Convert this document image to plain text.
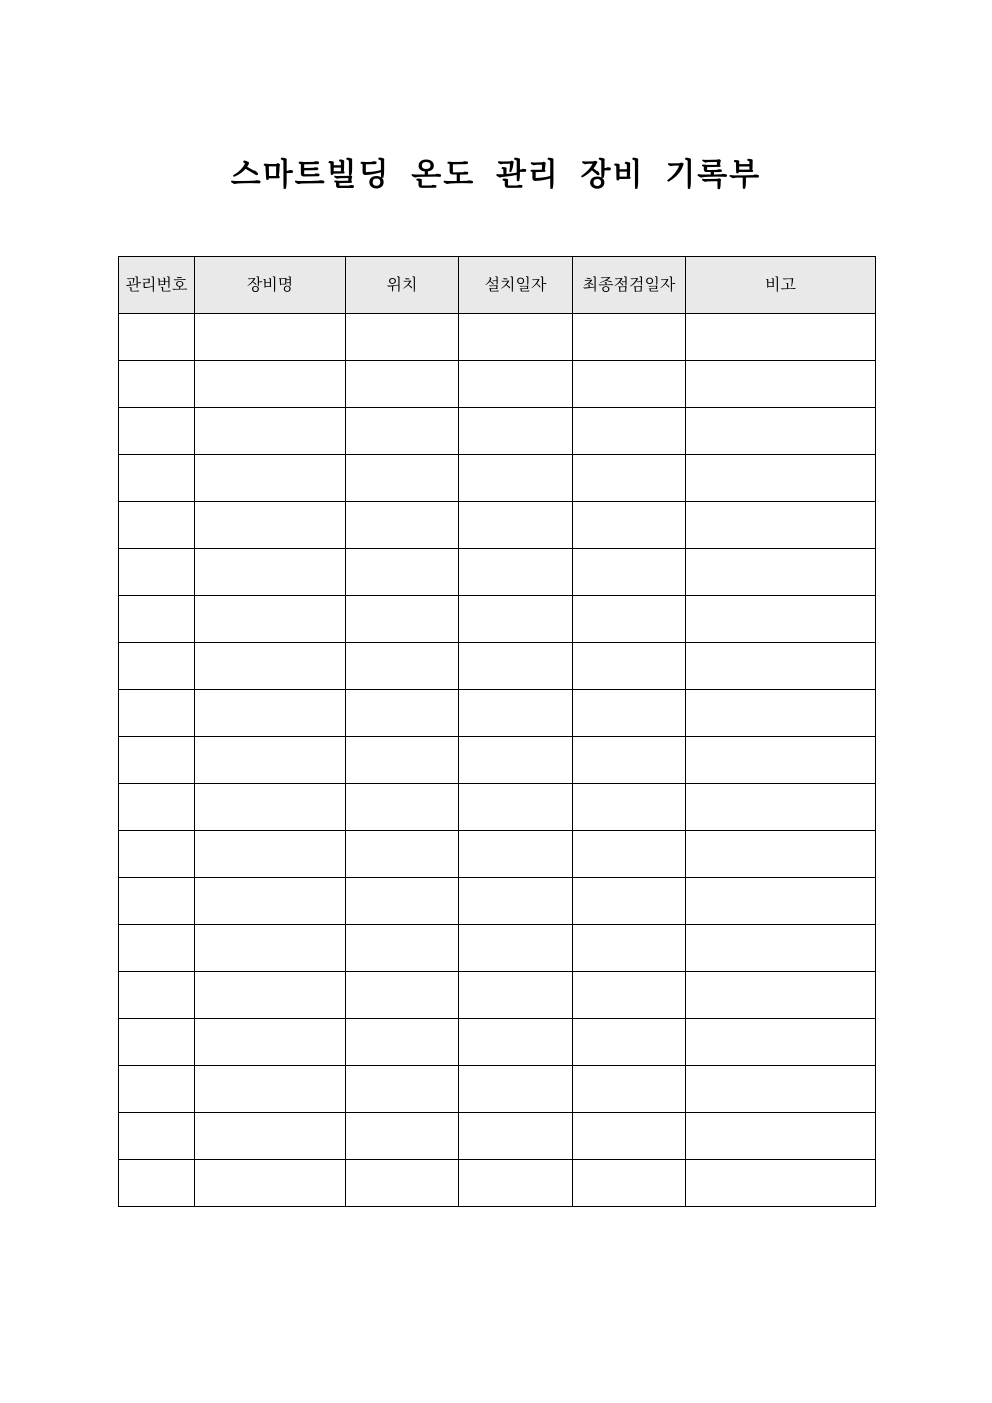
스마트빌딩 온도 관리 장비 기록부
관리번호	장비명	위치	설치일자	최종점검일자	비고
